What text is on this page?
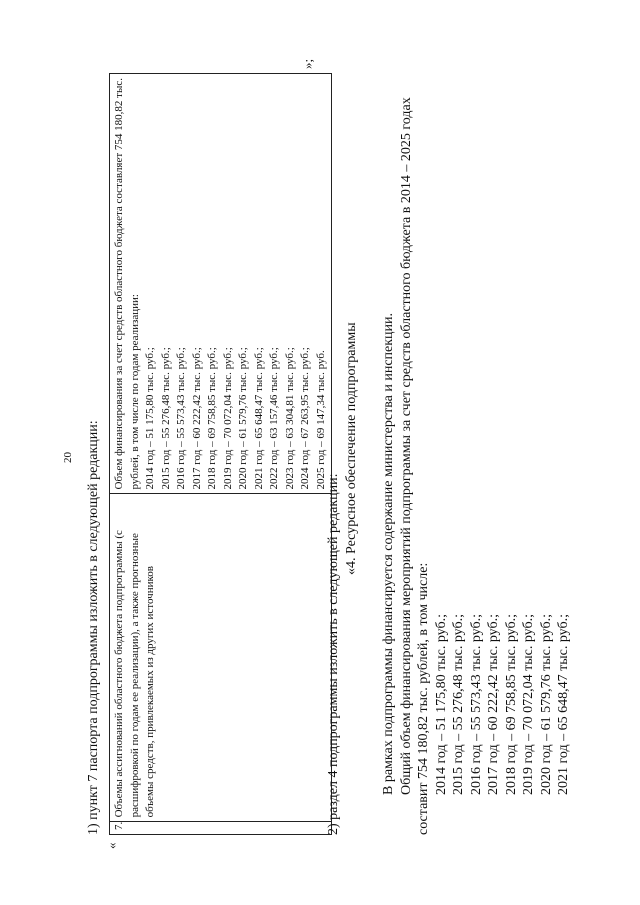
20 1) пункт 7 паспорта подпрограммы изложить в следующей редакции:
«
7.	Объемы ассигнований областного бюджета подпрограммы (с расшифровкой по годам ее реализации), а также прогнозные объемы средств, привлекаемых из других источников	
Объем финансирования за счет средств областного бюджета составляет 754 180,82 тыс. рублей, в том числе по годам реализации: 2014 год – 51 175,80 тыс. руб.; 2015 год – 55 276,48 тыс. руб.; 2016 год – 55 573,43 тыс. руб.; 2017 год – 60 222,42 тыс. руб.; 2018 год – 69 758,85 тыс. руб.; 2019 год – 70 072,04 тыс. руб.; 2020 год – 61 579,76 тыс. руб.; 2021 год – 65 648,47 тыс. руб.; 2022 год – 63 157,46 тыс. руб.; 2023 год – 63 304,81 тыс. руб.; 2024 год – 67 263,95 тыс. руб.; 2025 год – 69 147,34 тыс. руб.
»;
2) раздел 4 подпрограммы изложить в следующей редакции:
«4. Ресурсное обеспечение подпрограммы В рамках подпрограммы финансируется содержание министерства и инспекции. Общий объем финансирования мероприятий подпрограммы за счет средств областного бюджета в 2014 – 2025 годах составит 754 180,82 тыс. рублей, в том числе: 2014 год – 51 175,80 тыс. руб.; 2015 год – 55 276,48 тыс. руб.; 2016 год – 55 573,43 тыс. руб.; 2017 год – 60 222,42 тыс. руб.; 2018 год – 69 758,85 тыс. руб.; 2019 год – 70 072,04 тыс. руб.; 2020 год – 61 579,76 тыс. руб.; 2021 год – 65 648,47 тыс. руб.;
